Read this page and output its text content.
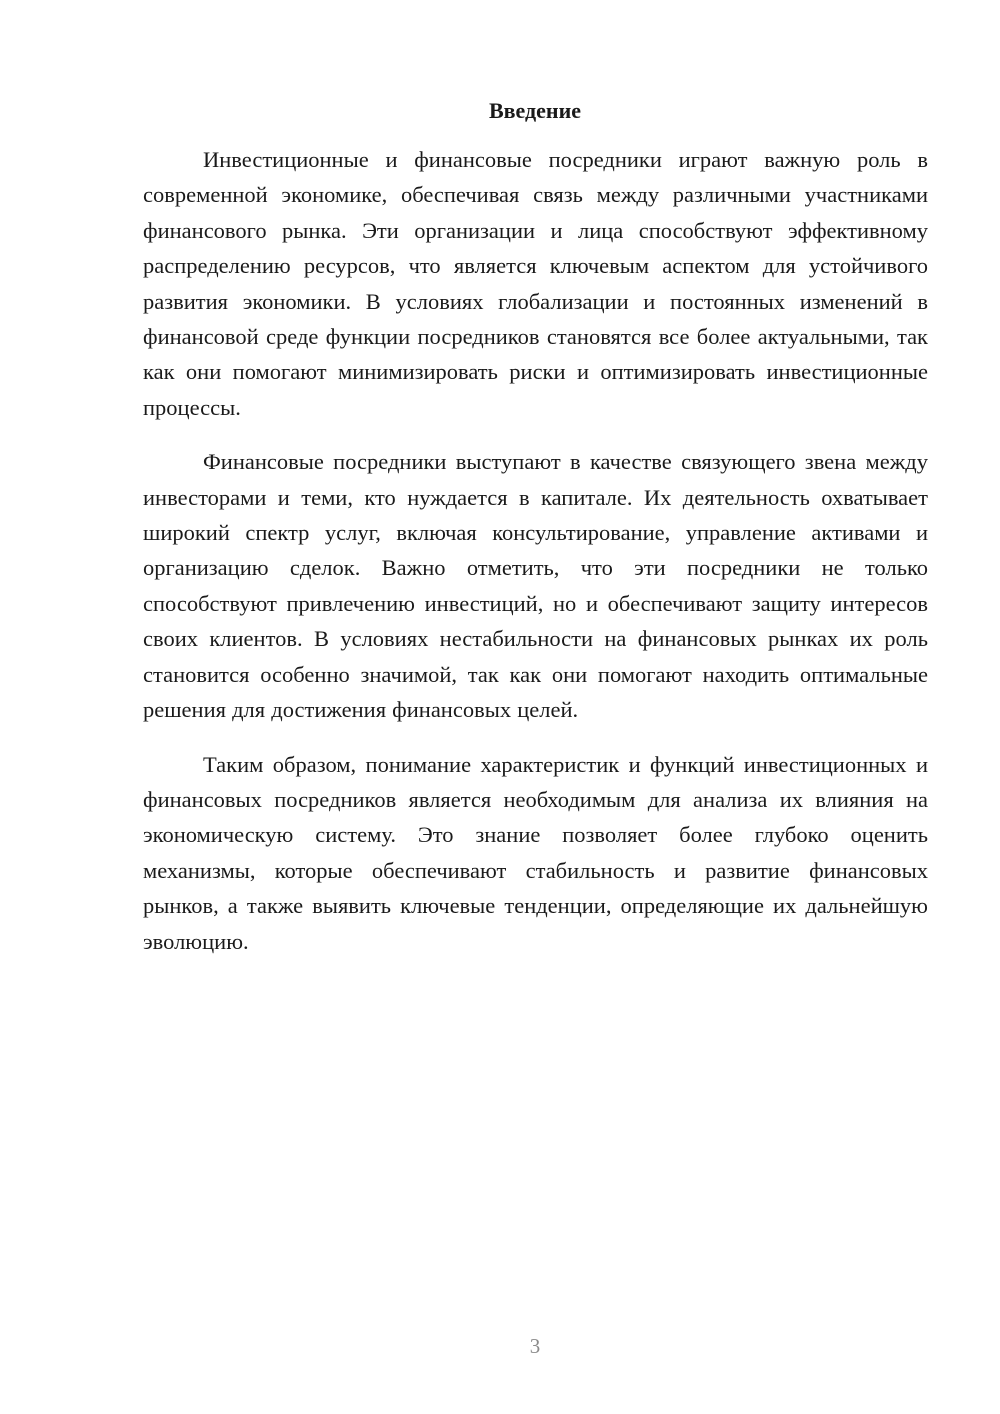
Введение

Инвестиционные и финансовые посредники играют важную роль в современной экономике, обеспечивая связь между различными участниками финансового рынка. Эти организации и лица способствуют эффективному распределению ресурсов, что является ключевым аспектом для устойчивого развития экономики. В условиях глобализации и постоянных изменений в финансовой среде функции посредников становятся все более актуальными, так как они помогают минимизировать риски и оптимизировать инвестиционные процессы.

Финансовые посредники выступают в качестве связующего звена между инвесторами и теми, кто нуждается в капитале. Их деятельность охватывает широкий спектр услуг, включая консультирование, управление активами и организацию сделок. Важно отметить, что эти посредники не только способствуют привлечению инвестиций, но и обеспечивают защиту интересов своих клиентов. В условиях нестабильности на финансовых рынках их роль становится особенно значимой, так как они помогают находить оптимальные решения для достижения финансовых целей.

Таким образом, понимание характеристик и функций инвестиционных и финансовых посредников является необходимым для анализа их влияния на экономическую систему. Это знание позволяет более глубоко оценить механизмы, которые обеспечивают стабильность и развитие финансовых рынков, а также выявить ключевые тенденции, определяющие их дальнейшую эволюцию.

3
